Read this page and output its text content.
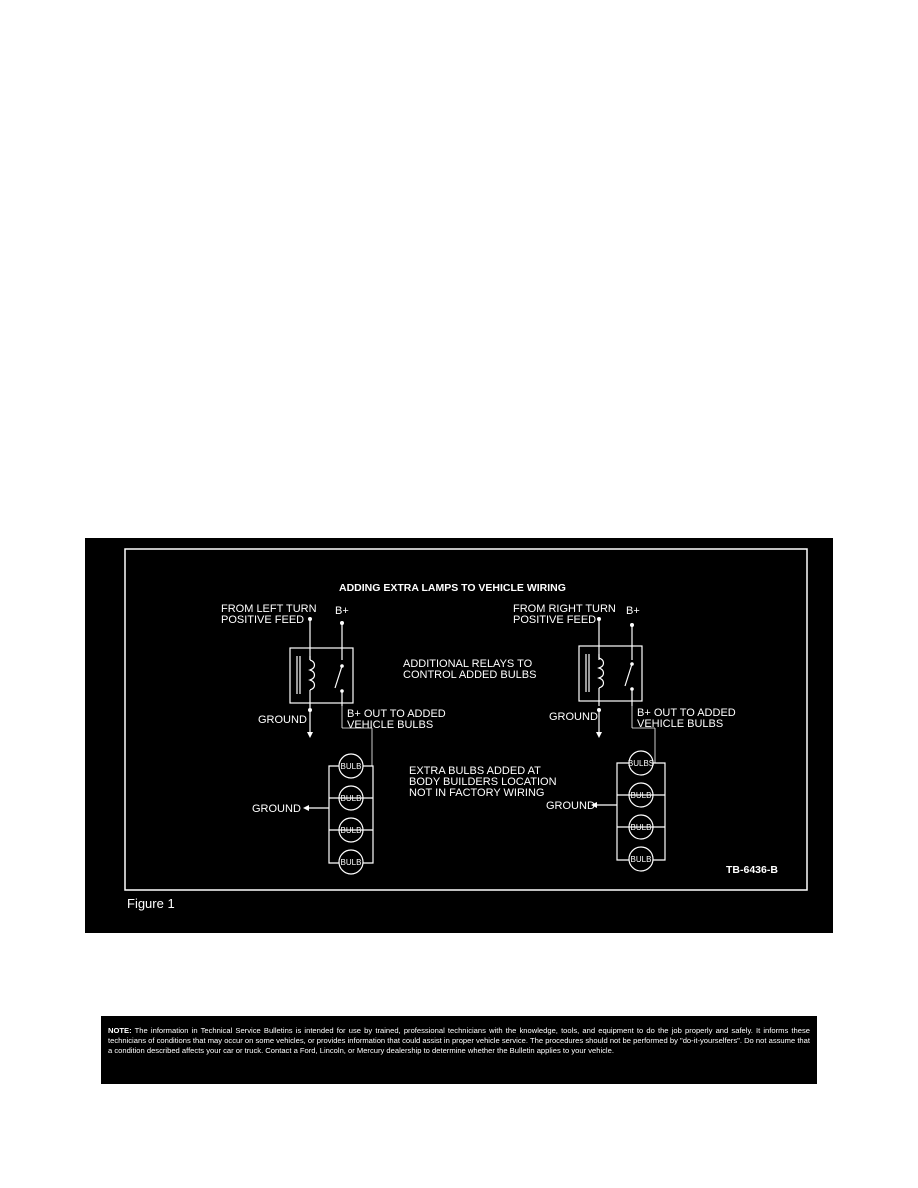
ADDING EXTRA LAMPS TO VEHICLE WIRING
FROM LEFT TURN
POSITIVE FEED
B+
GROUND	B+ OUT TO ADDED
VEHICLE BULBS
BULB
BULB
BULB
BULB
GROUND
ADDITIONAL RELAYS TO
CONTROL ADDED BULBS
EXTRA BULBS ADDED AT
BODY BUILDERS LOCATION
NOT IN FACTORY WIRING
FROM RIGHT TURN
POSITIVE FEED
B+
GROUND	B+ OUT TO ADDED
VEHICLE BULBS
BULBS
BULB
BULB
BULB
GROUND
TB-6436-B
Figure 1
NOTE: The information in Technical Service Bulletins is intended for use by trained, professional technicians with the knowledge, tools, and equipment to do the job properly and safely. It informs these technicians of conditions that may occur on some vehicles, or provides information that could assist in proper vehicle service. The procedures should not be performed by "do-it-yourselfers". Do not assume that a condition described affects your car or truck. Contact a Ford, Lincoln, or Mercury dealership to determine whether the Bulletin applies to your vehicle.
